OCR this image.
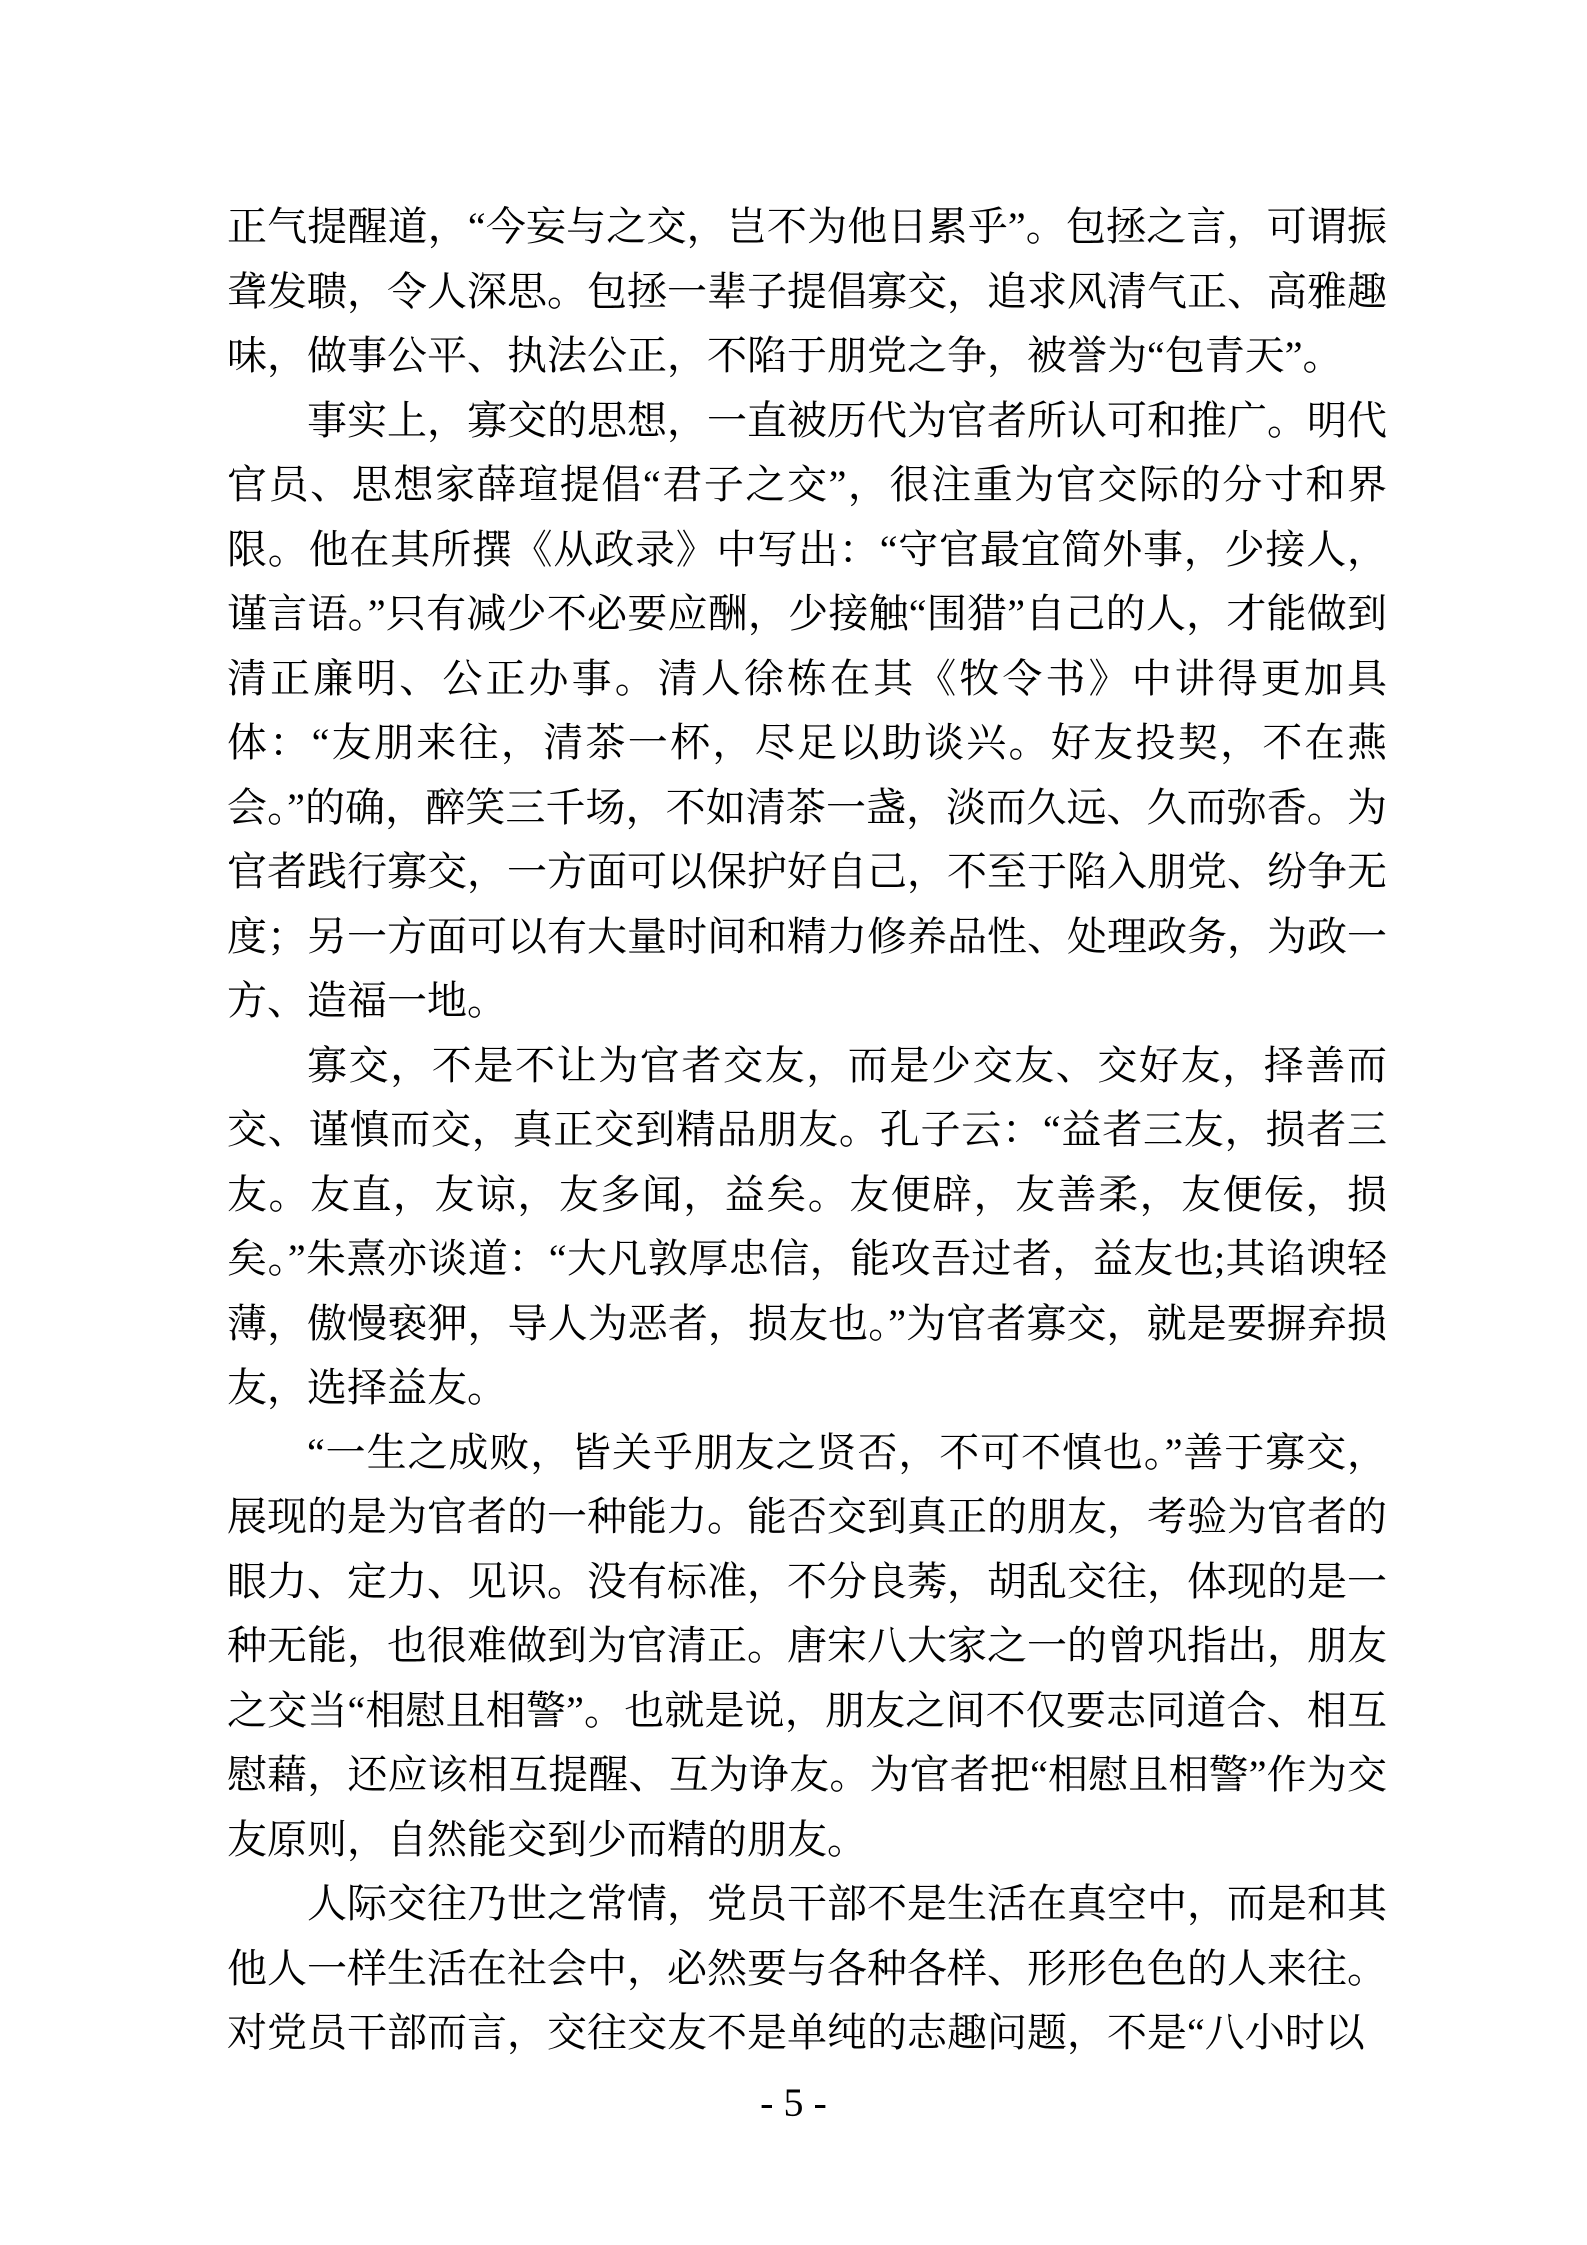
正气提醒道，“今妄与之交，岂不为他日累乎”。包拯之言，可谓振聋发聩，令人深思。包拯一辈子提倡寡交，追求风清气正、高雅趣味，做事公平、执法公正，不陷于朋党之争，被誉为“包青天”。

事实上，寡交的思想，一直被历代为官者所认可和推广。明代官员、思想家薛瑄提倡“君子之交”，很注重为官交际的分寸和界限。他在其所撰《从政录》中写出：“守官最宜简外事，少接人，谨言语。”只有减少不必要应酬，少接触“围猎”自己的人，才能做到清正廉明、公正办事。清人徐栋在其《牧令书》中讲得更加具体：“友朋来往，清茶一杯，尽足以助谈兴。好友投契，不在燕会。”的确，醉笑三千场，不如清茶一盏，淡而久远、久而弥香。为官者践行寡交，一方面可以保护好自己，不至于陷入朋党、纷争无度；另一方面可以有大量时间和精力修养品性、处理政务，为政一方、造福一地。

寡交，不是不让为官者交友，而是少交友、交好友，择善而交、谨慎而交，真正交到精品朋友。孔子云：“益者三友，损者三友。友直，友谅，友多闻，益矣。友便辟，友善柔，友便佞，损矣。”朱熹亦谈道：“大凡敦厚忠信，能攻吾过者，益友也;其谄谀轻薄，傲慢亵狎，导人为恶者，损友也。”为官者寡交，就是要摒弃损友，选择益友。

“一生之成败，皆关乎朋友之贤否，不可不慎也。”善于寡交，展现的是为官者的一种能力。能否交到真正的朋友，考验为官者的眼力、定力、见识。没有标准，不分良莠，胡乱交往，体现的是一种无能，也很难做到为官清正。唐宋八大家之一的曾巩指出，朋友之交当“相慰且相警”。也就是说，朋友之间不仅要志同道合、相互慰藉，还应该相互提醒、互为诤友。为官者把“相慰且相警”作为交友原则，自然能交到少而精的朋友。

人际交往乃世之常情，党员干部不是生活在真空中，而是和其他人一样生活在社会中，必然要与各种各样、形形色色的人来往。对党员干部而言，交往交友不是单纯的志趣问题，不是“八小时以

- 5 -
